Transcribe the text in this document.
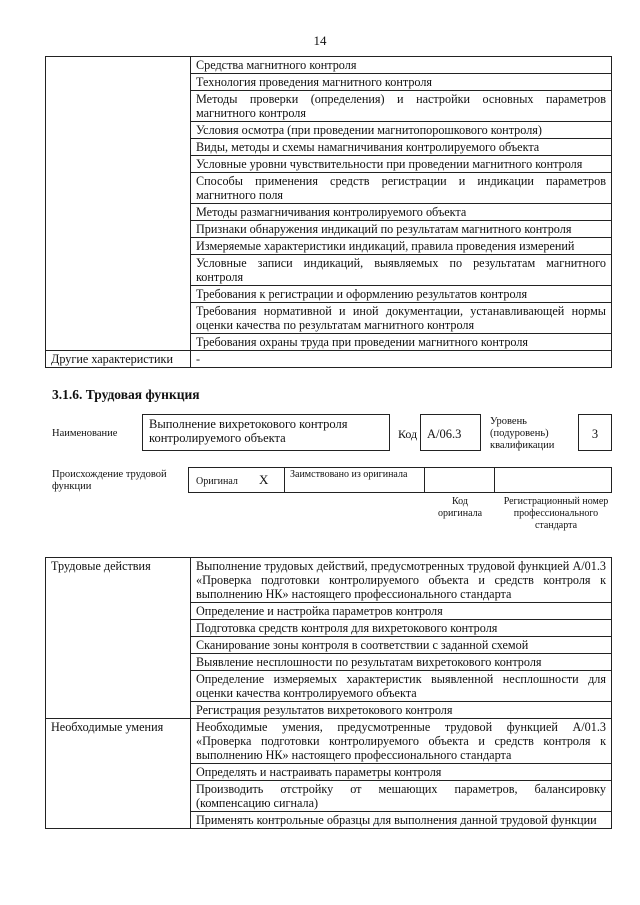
14
	Средства магнитного контроля
	Технология проведения магнитного контроля
	Методы проверки (определения) и настройки основных параметров магнитного контроля
	Условия осмотра (при проведении магнитопорошкового контроля)
	Виды, методы и схемы намагничивания контролируемого объекта
	Условные уровни чувствительности при проведении магнитного контроля
	Способы применения средств регистрации и индикации параметров магнитного поля
	Методы размагничивания контролируемого объекта
	Признаки обнаружения индикаций по результатам магнитного контроля
	Измеряемые характеристики индикаций, правила проведения измерений
	Условные записи индикаций, выявляемых по результатам магнитного контроля
	Требования к регистрации и оформлению результатов контроля
	Требования нормативной и иной документации, устанавливающей нормы оценки качества по результатам магнитного контроля
	Требования охраны труда при проведении магнитного контроля
Другие характеристики	-
3.1.6. Трудовая функция
Наименование
Выполнение вихретокового контроля контролируемого объекта	Код A/06.3
Уровень (подуровень) квалификации
3
Происхождение трудовой функции	Оригинал X Заимствовано из оригинала
Код оригинала
Регистрационный номер профессионального стандарта
Трудовые действия	Выполнение трудовых действий, предусмотренных трудовой функцией A/01.3 «Проверка подготовки контролируемого объекта и средств контроля к выполнению НК» настоящего профессионального стандарта
	Определение и настройка параметров контроля
	Подготовка средств контроля для вихретокового контроля
	Сканирование зоны контроля в соответствии с заданной схемой
	Выявление несплошности по результатам вихретокового контроля
	Определение измеряемых характеристик выявленной несплошности для оценки качества контролируемого объекта
	Регистрация результатов вихретокового контроля
Необходимые умения	Необходимые умения, предусмотренные трудовой функцией A/01.3 «Проверка подготовки контролируемого объекта и средств контроля к выполнению НК» настоящего профессионального стандарта
	Определять и настраивать параметры контроля
	Производить отстройку от мешающих параметров, балансировку (компенсацию сигнала)
	Применять контрольные образцы для выполнения данной трудовой функции
